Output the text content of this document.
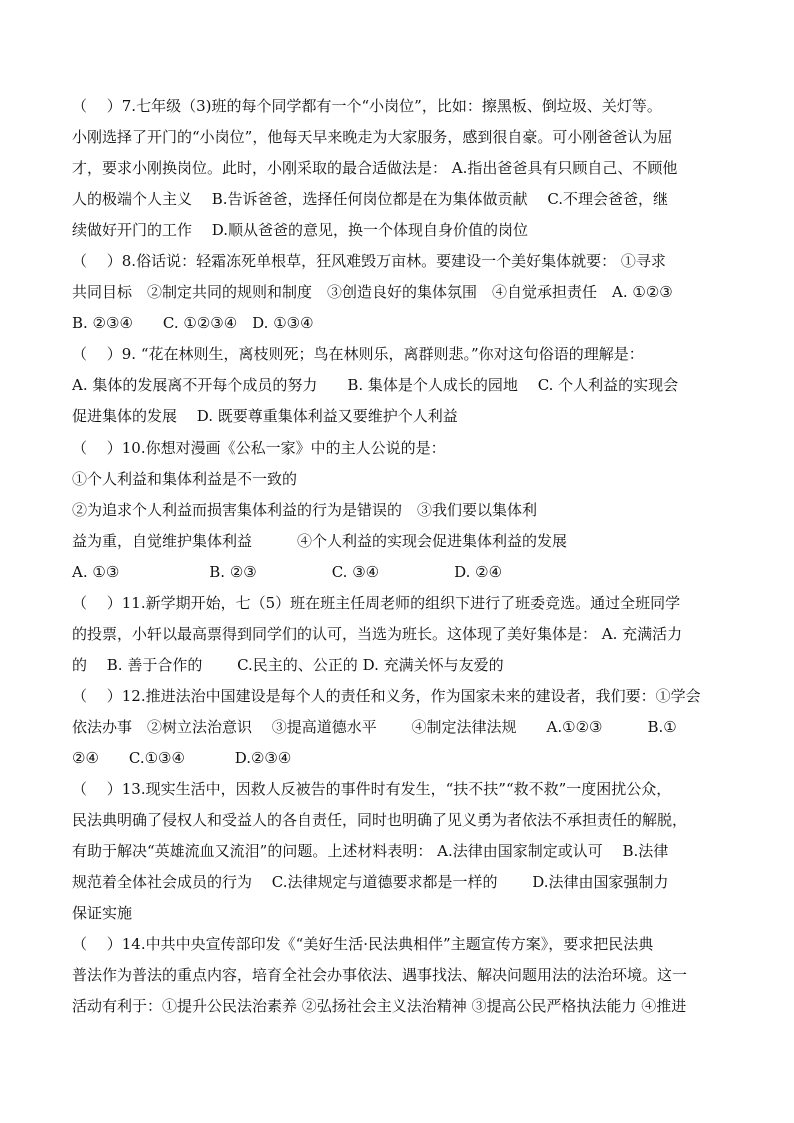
（　 ）7.七年级（3)班的每个同学都有一个“小岗位”，比如：擦黑板、倒垃圾、关灯等。
小刚选择了开门的“小岗位”，他每天早来晚走为大家服务，感到很自豪。可小刚爸爸认为屈
才，要求小刚换岗位。此时，小刚采取的最合适做法是： A.指出爸爸具有只顾自己、不顾他
人的极端个人主义　 B.告诉爸爸，选择任何岗位都是在为集体做贡献　 C.不理会爸爸，继
续做好开门的工作　 D.顺从爸爸的意见，换一个体现自身价值的岗位
（　 ）8.俗话说：轻霜冻死单根草，狂风难毁万亩林。要建设一个美好集体就要： ①寻求
共同目标　②制定共同的规则和制度　③创造良好的集体氛围　④自觉承担责任　A. ①②③
B. ②③④　　C. ①②③④　D. ①③④
（　 ）9. “花在林则生，离枝则死；鸟在林则乐，离群则悲。”你对这句俗语的理解是：
A. 集体的发展离不开每个成员的努力　　B. 集体是个人成长的园地　 C. 个人利益的实现会
促进集体的发展　 D. 既要尊重集体利益又要维护个人利益
（　 ）10.你想对漫画《公私一家》中的主人公说的是：
①个人利益和集体利益是不一致的
②为追求个人利益而损害集体利益的行为是错误的　③我们要以集体利
益为重，自觉维护集体利益　　　④个人利益的实现会促进集体利益的发展
A. ①③　　　　　　B. ②③　　　　　C. ③④　　　　　D. ②④
（　 ）11.新学期开始，七（5）班在班主任周老师的组织下进行了班委竞选。通过全班同学
的投票，小轩以最高票得到同学们的认可，当选为班长。这体现了美好集体是： A. 充满活力
的　 B. 善于合作的　　 C.民主的、公正的 D. 充满关怀与友爱的
（　 ）12.推进法治中国建设是每个人的责任和义务，作为国家未来的建设者，我们要：①学会
依法办事　②树立法治意识　 ③提高道德水平　　 ④制定法律法规　　A.①②③　　　B.①
②④　　C.①③④　　　 D.②③④
（　 ）13.现实生活中，因救人反被告的事件时有发生，“扶不扶”“救不救”一度困扰公众，
民法典明确了侵权人和受益人的各自责任，同时也明确了见义勇为者依法不承担责任的解脱，
有助于解决“英雄流血又流泪”的问题。上述材料表明： A.法律由国家制定或认可　 B.法律
规范着全体社会成员的行为　 C.法律规定与道德要求都是一样的　　 D.法律由国家强制力
保证实施
（　 ）14.中共中央宣传部印发《“美好生活·民法典相伴”主题宣传方案》，要求把民法典
普法作为普法的重点内容，培育全社会办事依法、遇事找法、解决问题用法的法治环境。这一
活动有利于：①提升公民法治素养 ②弘扬社会主义法治精神 ③提高公民严格执法能力 ④推进
